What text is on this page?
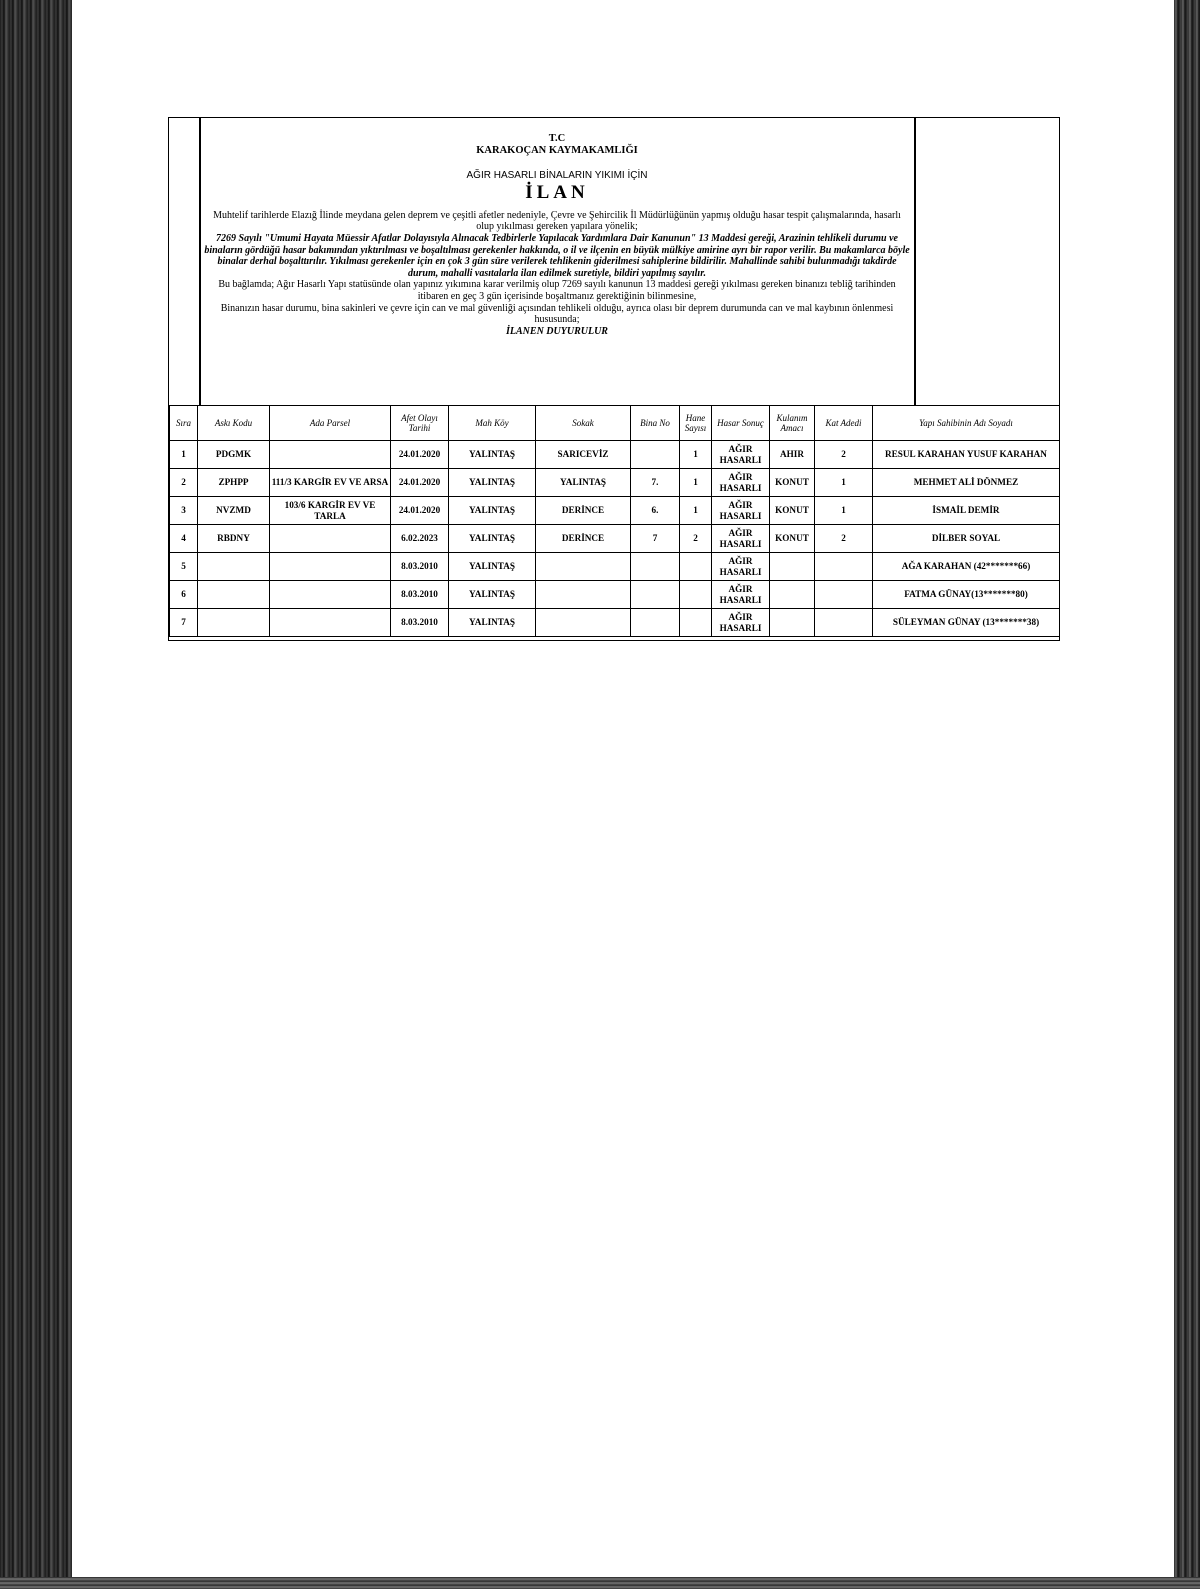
T.C
KARAKOÇAN KAYMAKAMLIĞI
AĞIR HASARLI BİNALARIN YIKIMI İÇİN
İLAN

Muhtelif tarihlerde Elazığ İlinde meydana gelen deprem ve çeşitli afetler nedeniyle, Çevre ve Şehircilik İl Müdürlüğünün yapmış olduğu hasar tespit çalışmalarında, hasarlı olup yıkılması gereken yapılara yönelik;

7269 Sayılı "Umumi Hayata Müessir Afatlar Dolayısıyla Alınacak Tedbirlerle Yapılacak Yardımlara Dair Kanunun" 13 Maddesi gereği, Arazinin tehlikeli durumu ve binaların gördüğü hasar bakımından yıktırılması ve boşaltılması gerekenler hakkında, o il ve ilçenin en büyük mülkiye amirine ayrı bir rapor verilir. Bu makamlarca böyle binalar derhal boşalttırılır. Yıkılması gerekenler için en çok 3 gün süre verilerek tehlikenin giderilmesi sahiplerine bildirilir. Mahallinde sahibi bulunmadığı takdirde durum, mahalli vasıtalarla ilan edilmek suretiyle, bildiri yapılmış sayılır.

Bu bağlamda; Ağır Hasarlı Yapı statüsünde olan yapınız yıkımına karar verilmiş olup 7269 sayılı kanunun 13 maddesi gereği yıkılması gereken binanızı tebliğ tarihinden itibaren en geç 3 gün içerisinde boşaltmanız gerektiğinin bilinmesine,

Binanızın hasar durumu, bina sakinleri ve çevre için can ve mal güvenliği açısından tehlikeli olduğu, ayrıca olası bir deprem durumunda can ve mal kaybının önlenmesi hususunda;

İLANEN DUYURULUR

Sıra	Askı Kodu	Ada Parsel	Afet Olayı Tarihi	Mah Köy	Sokak	Bina No	Hane Sayısı	Hasar Sonuç	Kulanım Amacı	Kat Adedi	Yapı Sahibinin Adı Soyadı
1	PDGMK		24.01.2020	YALINTAŞ	SARICEVİZ		1	AĞIR HASARLI	AHIR	2	RESUL KARAHAN YUSUF KARAHAN
2	ZPHPP	111/3 KARGİR EV VE ARSA	24.01.2020	YALINTAŞ	YALINTAŞ	7.	1	AĞIR HASARLI	KONUT	1	MEHMET ALİ DÖNMEZ
3	NVZMD	103/6 KARGİR EV VE TARLA	24.01.2020	YALINTAŞ	DERİNCE	6.	1	AĞIR HASARLI	KONUT	1	İSMAİL DEMİR
4	RBDNY		6.02.2023	YALINTAŞ	DERİNCE	7	2	AĞIR HASARLI	KONUT	2	DİLBER SOYAL
5			8.03.2010	YALINTAŞ				AĞIR HASARLI			AĞA KARAHAN (42*******66)
6			8.03.2010	YALINTAŞ				AĞIR HASARLI			FATMA GÜNAY(13*******80)
7			8.03.2010	YALINTAŞ				AĞIR HASARLI			SÜLEYMAN GÜNAY (13*******38)
